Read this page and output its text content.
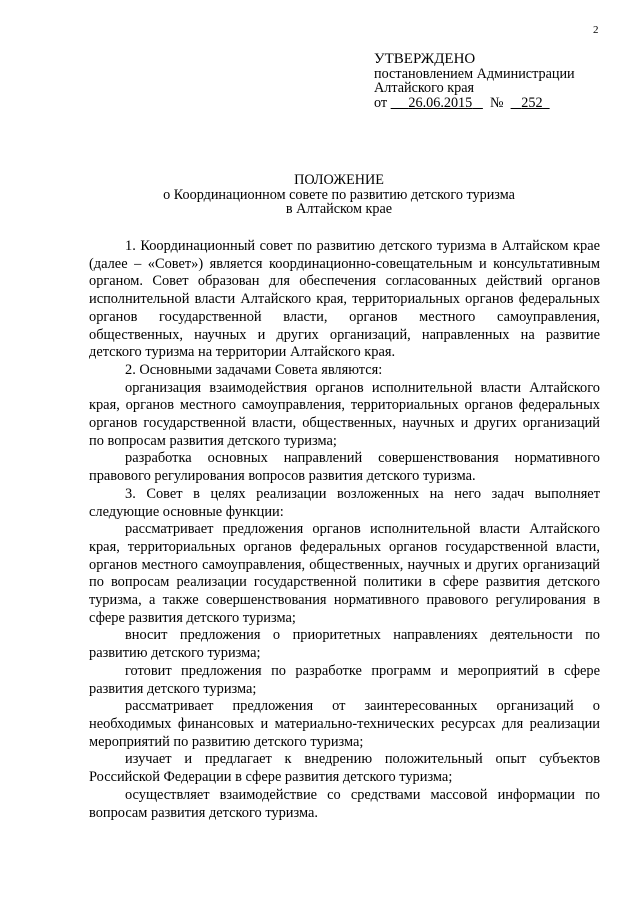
2
УТВЕРЖДЕНО
постановлением Администрации
Алтайского края
от 26.06.2015 № 252
ПОЛОЖЕНИЕ
о Координационном совете по развитию детского туризма
в Алтайском крае

1. Координационный совет по развитию детского туризма в Алтайском крае (далее – «Совет») является координационно-совещательным и консультативным органом. Совет образован для обеспечения согласованных действий органов исполнительной власти Алтайского края, территориальных органов федеральных органов государственной власти, органов местного самоуправления, общественных, научных и других организаций, направленных на развитие детского туризма на территории Алтайского края.

2. Основными задачами Совета являются:

организация взаимодействия органов исполнительной власти Алтайского края, органов местного самоуправления, территориальных органов федеральных органов государственной власти, общественных, научных и других организаций по вопросам развития детского туризма;

разработка основных направлений совершенствования нормативного правового регулирования вопросов развития детского туризма.

3. Совет в целях реализации возложенных на него задач выполняет следующие основные функции:

рассматривает предложения органов исполнительной власти Алтайского края, территориальных органов федеральных органов государственной власти, органов местного самоуправления, общественных, научных и других организаций по вопросам реализации государственной политики в сфере развития детского туризма, а также совершенствования нормативного правового регулирования в сфере развития детского туризма;

вносит предложения о приоритетных направлениях деятельности по развитию детского туризма;

готовит предложения по разработке программ и мероприятий в сфере развития детского туризма;

рассматривает предложения от заинтересованных организаций о необходимых финансовых и материально-технических ресурсах для реализации мероприятий по развитию детского туризма;

изучает и предлагает к внедрению положительный опыт субъектов Российской Федерации в сфере развития детского туризма;

осуществляет взаимодействие со средствами массовой информации по вопросам развития детского туризма.
